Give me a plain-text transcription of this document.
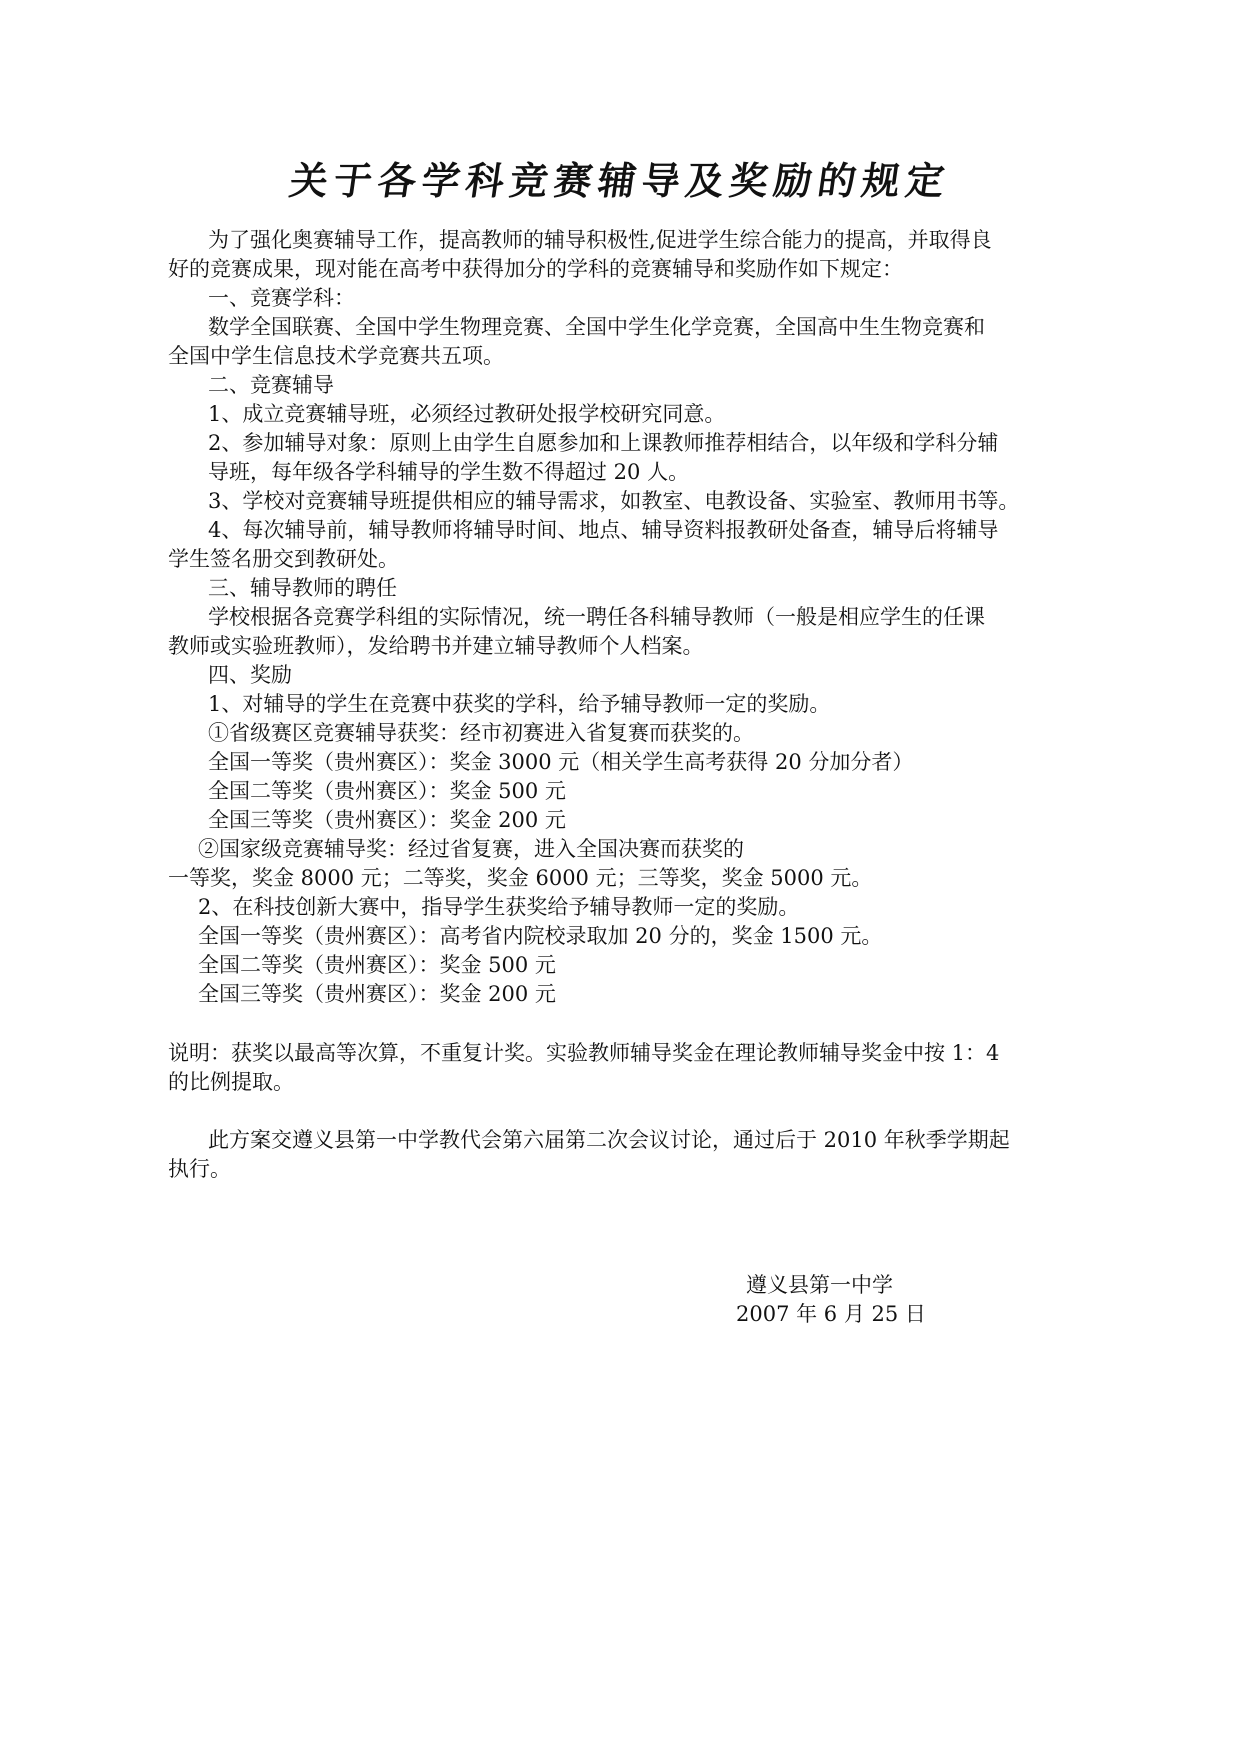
关于各学科竞赛辅导及奖励的规定
为了强化奥赛辅导工作，提高教师的辅导积极性,促进学生综合能力的提高，并取得良
好的竞赛成果，现对能在高考中获得加分的学科的竞赛辅导和奖励作如下规定：
一、竞赛学科：
数学全国联赛、全国中学生物理竞赛、全国中学生化学竞赛，全国高中生生物竞赛和
全国中学生信息技术学竞赛共五项。
二、竞赛辅导
1、成立竞赛辅导班，必须经过教研处报学校研究同意。
2、参加辅导对象：原则上由学生自愿参加和上课教师推荐相结合，以年级和学科分辅
导班，每年级各学科辅导的学生数不得超过 20 人。
3、学校对竞赛辅导班提供相应的辅导需求，如教室、电教设备、实验室、教师用书等。
4、每次辅导前，辅导教师将辅导时间、地点、辅导资料报教研处备查，辅导后将辅导
学生签名册交到教研处。
三、辅导教师的聘任
学校根据各竞赛学科组的实际情况，统一聘任各科辅导教师（一般是相应学生的任课
教师或实验班教师），发给聘书并建立辅导教师个人档案。
四、奖励
1、对辅导的学生在竞赛中获奖的学科，给予辅导教师一定的奖励。
①省级赛区竞赛辅导获奖：经市初赛进入省复赛而获奖的。
全国一等奖（贵州赛区）：奖金 3000 元（相关学生高考获得 20 分加分者）
全国二等奖（贵州赛区）：奖金 500 元
全国三等奖（贵州赛区）：奖金 200 元
②国家级竞赛辅导奖：经过省复赛，进入全国决赛而获奖的
一等奖，奖金 8000 元；二等奖，奖金 6000 元；三等奖，奖金 5000 元。
2、在科技创新大赛中，指导学生获奖给予辅导教师一定的奖励。
全国一等奖（贵州赛区）：高考省内院校录取加 20 分的，奖金 1500 元。
全国二等奖（贵州赛区）：奖金 500 元
全国三等奖（贵州赛区）：奖金 200 元
说明：获奖以最高等次算，不重复计奖。实验教师辅导奖金在理论教师辅导奖金中按 1：4
的比例提取。
此方案交遵义县第一中学教代会第六届第二次会议讨论，通过后于 2010 年秋季学期起
执行。
遵义县第一中学
2007 年 6 月 25 日
